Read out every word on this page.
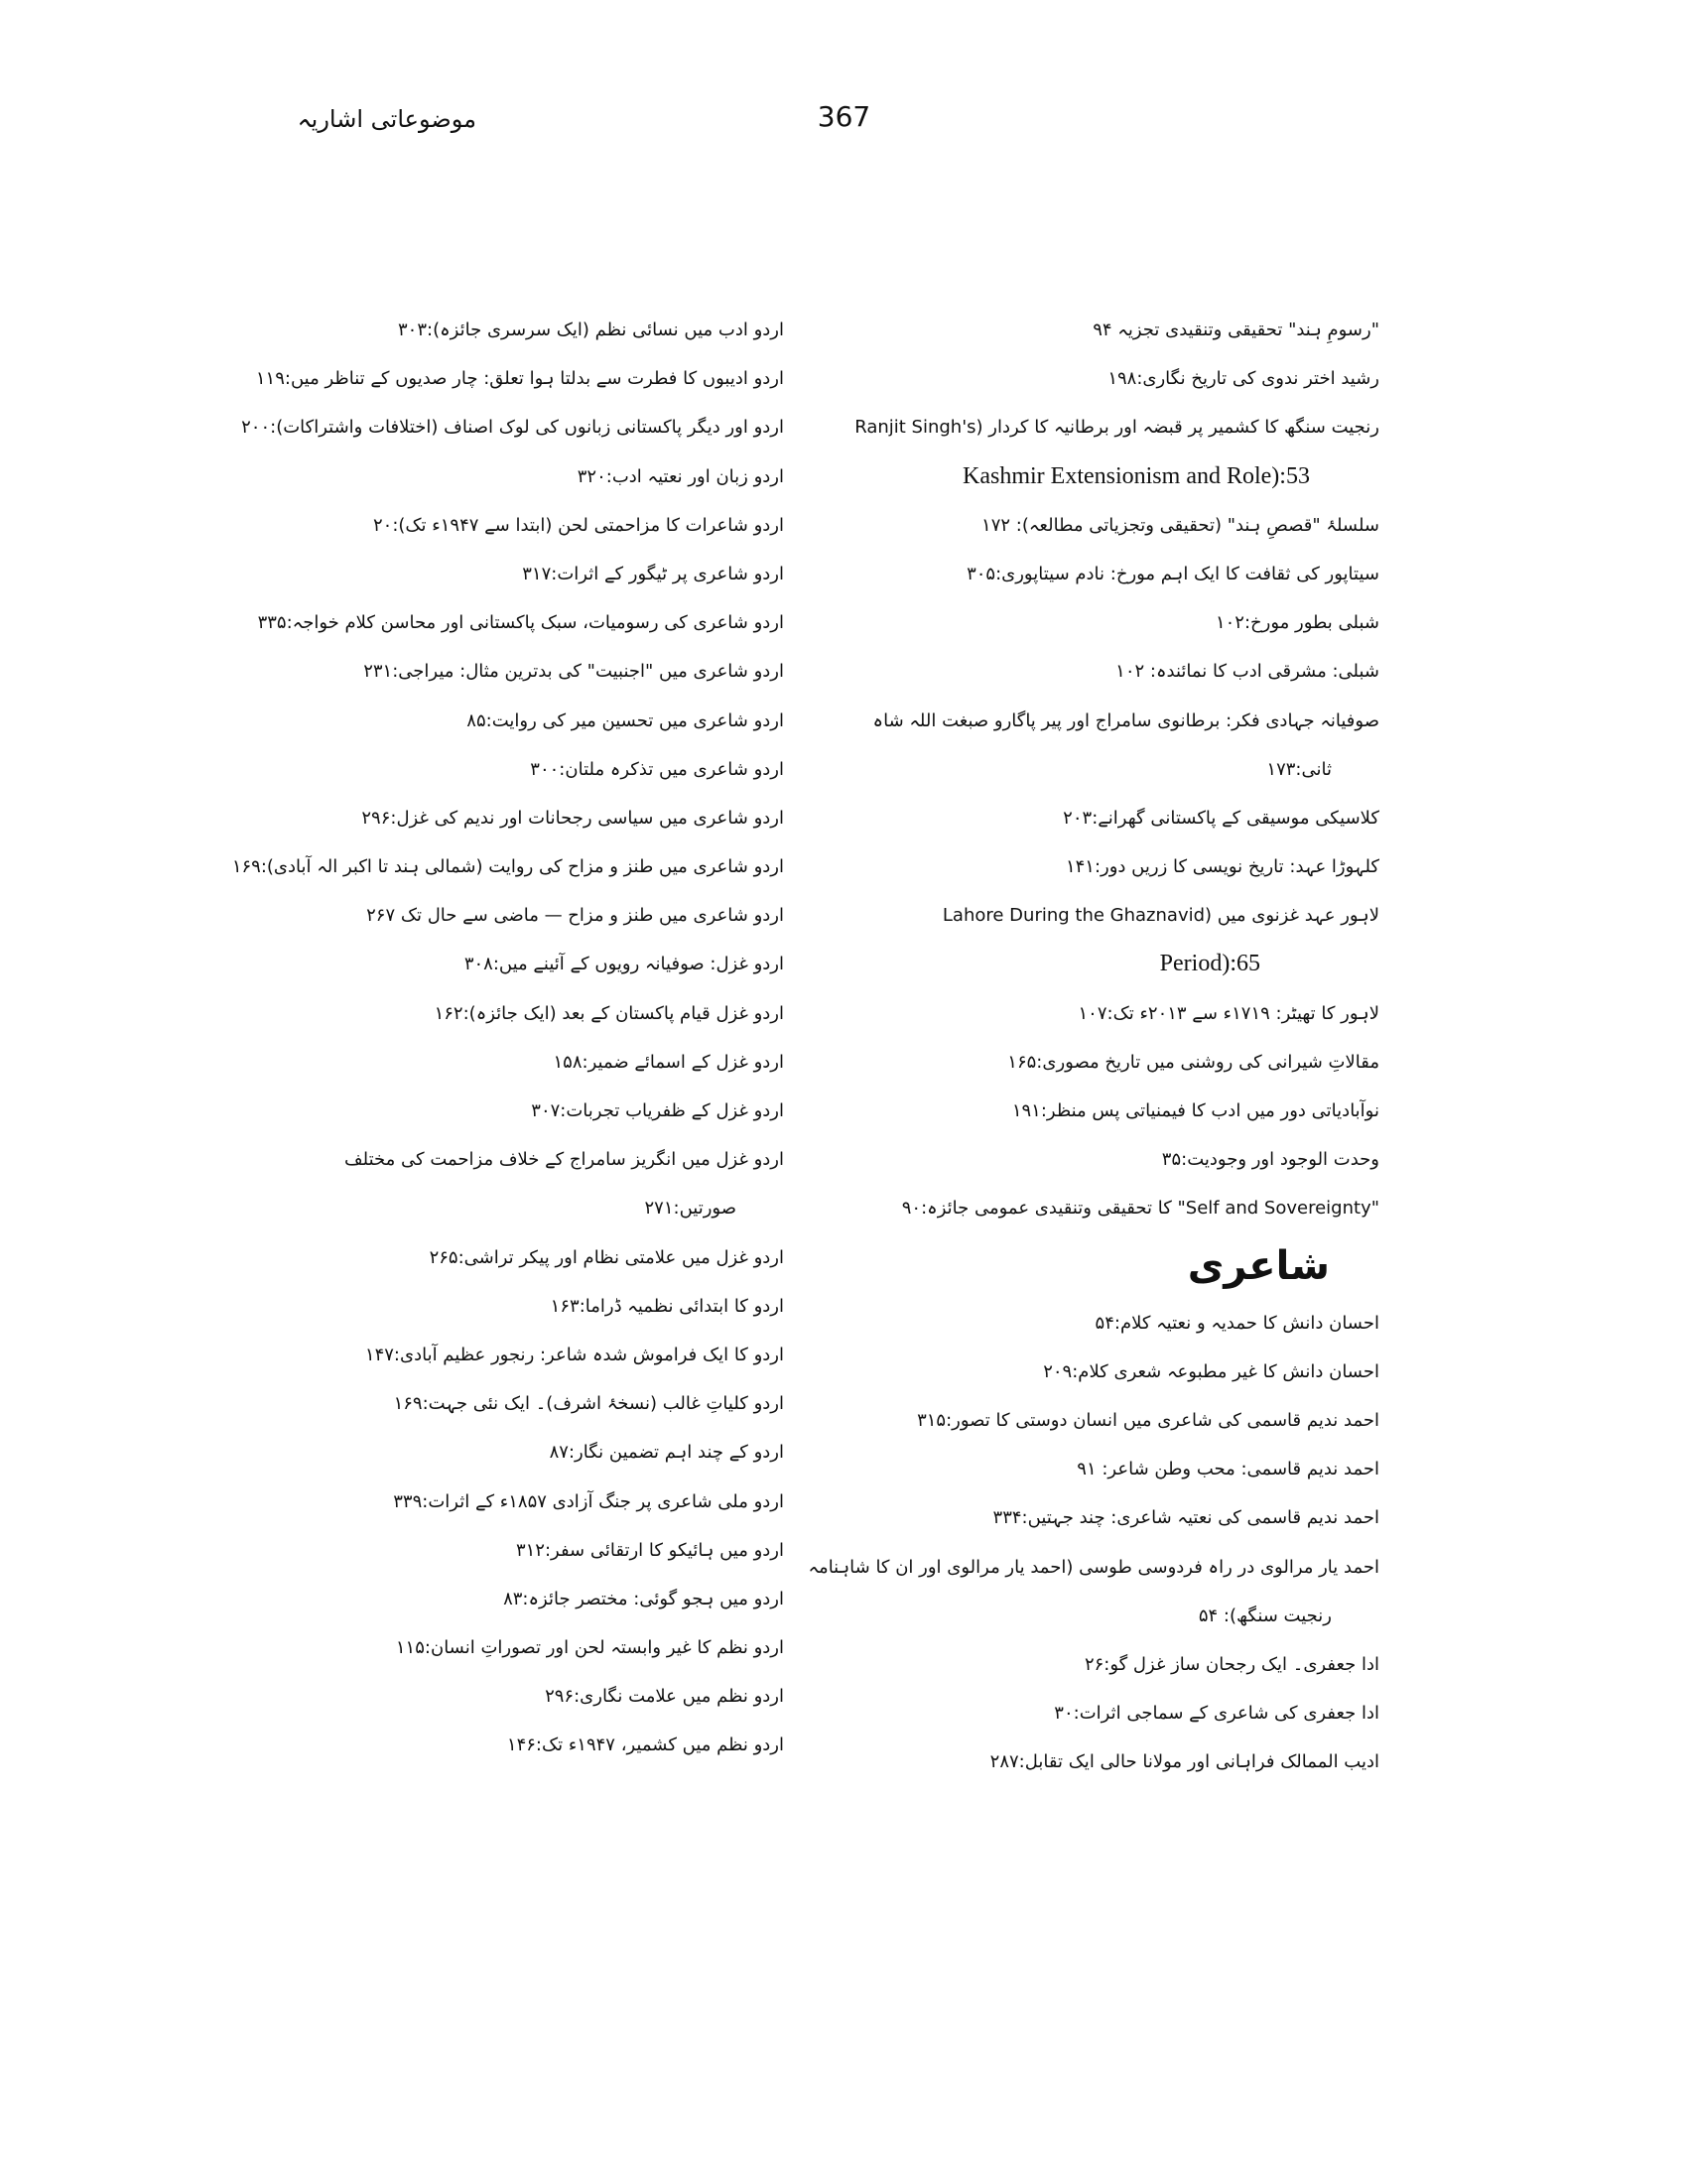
367
موضوعاتی اشاریہ
"رسومِ ہند" تحقیقی وتنقیدی تجزیہ ۹۴
رشید اختر ندوی کی تاریخ نگاری:۱۹۸
رنجیت سنگھ کا کشمیر پر قبضہ اور برطانیہ کا کردار (Ranjit Singh's
Kashmir Extensionism and Role):53
سلسلۂ "قصصِ ہند" (تحقیقی وتجزیاتی مطالعہ): ۱۷۲
سیتاپور کی ثقافت کا ایک اہم مورخ: نادم سیتاپوری:۳۰۵
شبلی بطور مورخ:۱۰۲
شبلی: مشرقی ادب کا نمائندہ: ۱۰۲
صوفیانہ جہادی فکر: برطانوی سامراج اور پیر پاگارو صبغت اللہ شاہ
ثانی:۱۷۳
کلاسیکی موسیقی کے پاکستانی گھرانے:۲۰۳
کلہوڑا عہد: تاریخ نویسی کا زریں دور:۱۴۱
لاہور عہد غزنوی میں (Lahore During the Ghaznavid
Period):65
لاہور کا تھیٹر: ۱۷۱۹ء سے ۲۰۱۳ء تک:۱۰۷
مقالاتِ شیرانی کی روشنی میں تاریخ مصوری:۱۶۵
نوآبادیاتی دور میں ادب کا فیمنیاتی پس منظر:۱۹۱
وحدت الوجود اور وجودیت:۳۵
"Self and Sovereignty" کا تحقیقی وتنقیدی عمومی جائزہ:۹۰
شاعری
احسان دانش کا حمدیہ و نعتیہ کلام:۵۴
احسان دانش کا غیر مطبوعہ شعری کلام:۲۰۹
احمد ندیم قاسمی کی شاعری میں انسان دوستی کا تصور:۳۱۵
احمد ندیم قاسمی: محب وطن شاعر: ۹۱
احمد ندیم قاسمی کی نعتیہ شاعری: چند جہتیں:۳۳۴
احمد یار مرالوی در راہ فردوسی طوسی (احمد یار مرالوی اور ان کا شاہنامہ
رنجیت سنگھ): ۵۴
ادا جعفری۔ ایک رجحان ساز غزل گو:۲۶
ادا جعفری کی شاعری کے سماجی اثرات:۳۰
ادیب الممالک فراہانی اور مولانا حالی ایک تقابل:۲۸۷
اردو ادب میں نسائی نظم (ایک سرسری جائزہ):۳۰۳
اردو ادیبوں کا فطرت سے بدلتا ہوا تعلق: چار صدیوں کے تناظر میں:۱۱۹
اردو اور دیگر پاکستانی زبانوں کی لوک اصناف (اختلافات واشتراکات):۲۰۰
اردو زبان اور نعتیہ ادب:۳۲۰
اردو شاعرات کا مزاحمتی لحن (ابتدا سے ۱۹۴۷ء تک):۲۰
اردو شاعری پر ٹیگور کے اثرات:۳۱۷
اردو شاعری کی رسومیات، سبک پاکستانی اور محاسن کلام خواجہ:۳۳۵
اردو شاعری میں "اجنبیت" کی بدترین مثال: میراجی:۲۳۱
اردو شاعری میں تحسین میر کی روایت:۸۵
اردو شاعری میں تذکرہ ملتان:۳۰۰
اردو شاعری میں سیاسی رجحانات اور ندیم کی غزل:۲۹۶
اردو شاعری میں طنز و مزاح کی روایت (شمالی ہند تا اکبر الہ آبادی):۱۶۹
اردو شاعری میں طنز و مزاح — ماضی سے حال تک ۲۶۷
اردو غزل: صوفیانہ رویوں کے آئینے میں:۳۰۸
اردو غزل قیام پاکستان کے بعد (ایک جائزہ):۱۶۲
اردو غزل کے اسمائے ضمیر:۱۵۸
اردو غزل کے ظفریاب تجربات:۳۰۷
اردو غزل میں انگریز سامراج کے خلاف مزاحمت کی مختلف
صورتیں:۲۷۱
اردو غزل میں علامتی نظام اور پیکر تراشی:۲۶۵
اردو کا ابتدائی نظمیہ ڈراما:۱۶۳
اردو کا ایک فراموش شدہ شاعر: رنجور عظیم آبادی:۱۴۷
اردو کلیاتِ غالب (نسخۂ اشرف)۔ ایک نئی جہت:۱۶۹
اردو کے چند اہم تضمین نگار:۸۷
اردو ملی شاعری پر جنگ آزادی ۱۸۵۷ء کے اثرات:۳۳۹
اردو میں ہائیکو کا ارتقائی سفر:۳۱۲
اردو میں ہجو گوئی: مختصر جائزہ:۸۳
اردو نظم کا غیر وابستہ لحن اور تصوراتِ انسان:۱۱۵
اردو نظم میں علامت نگاری:۲۹۶
اردو نظم میں کشمیر، ۱۹۴۷ء تک:۱۴۶
